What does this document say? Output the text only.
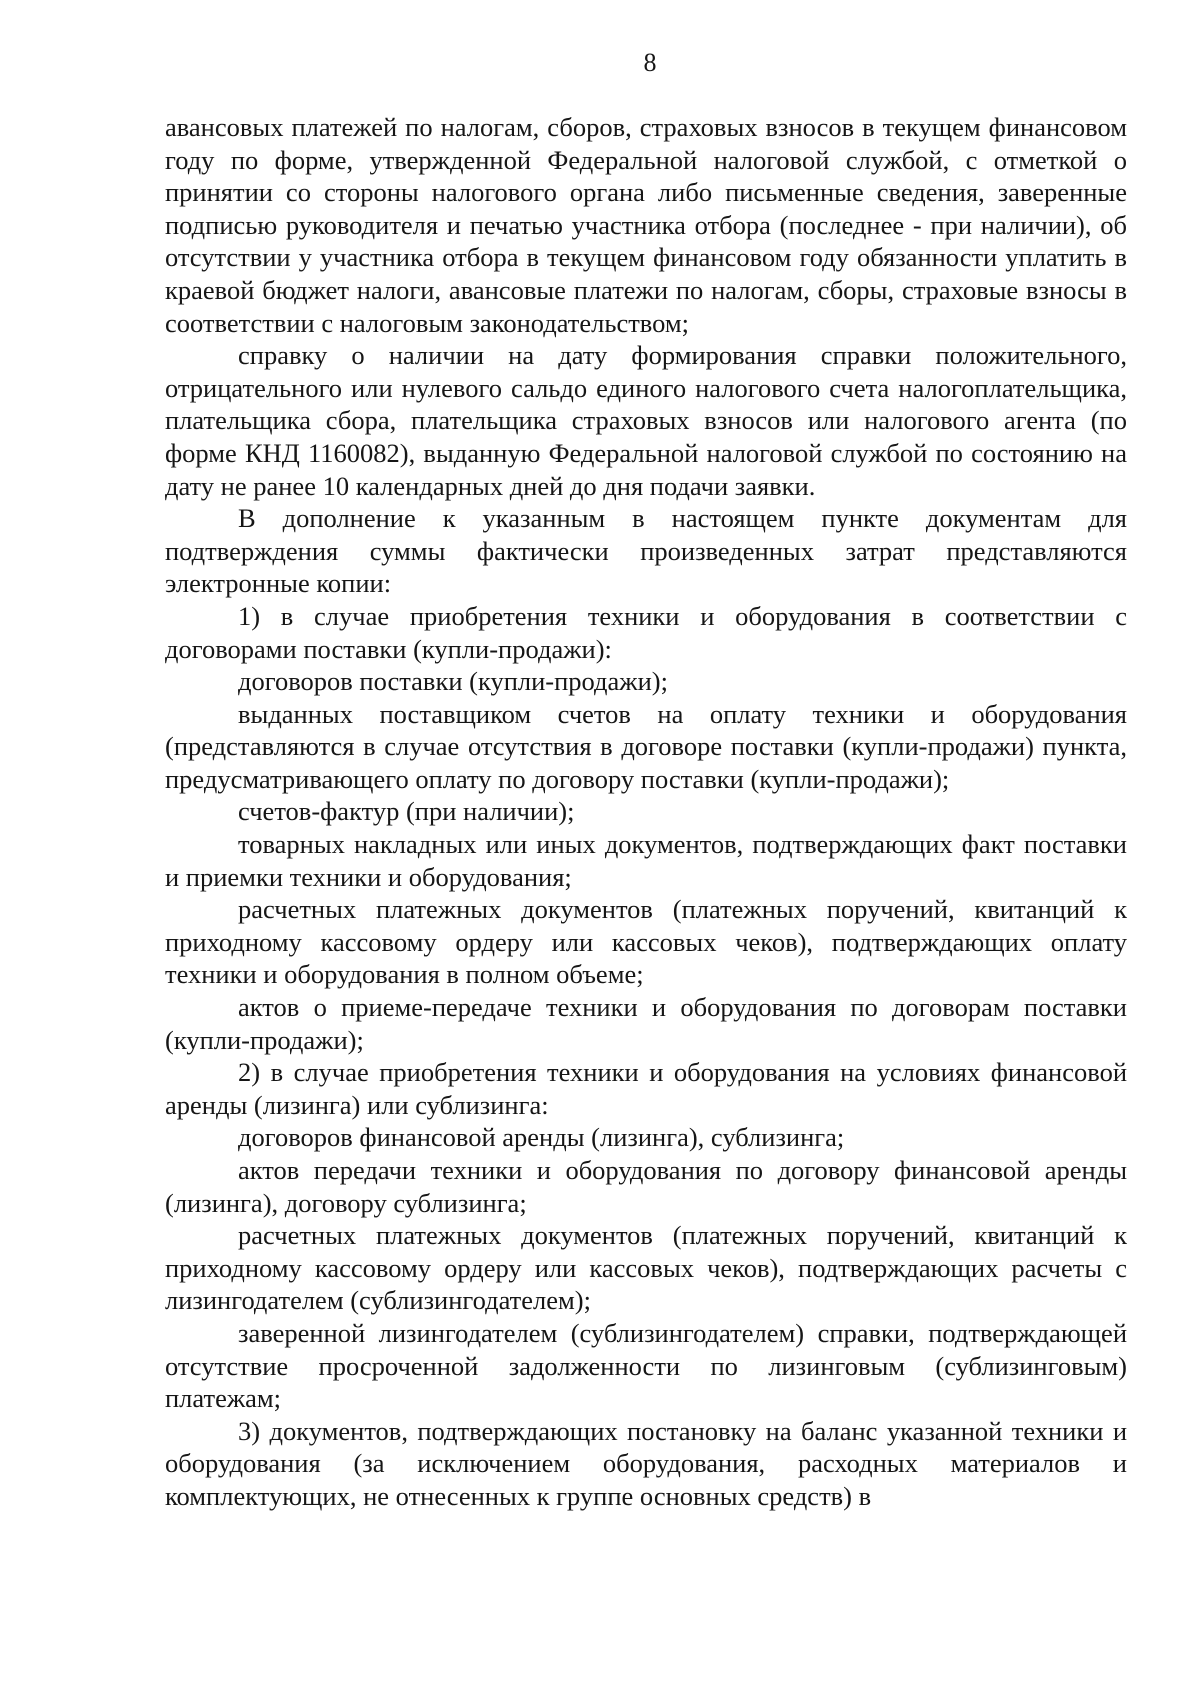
8

авансовых платежей по налогам, сборов, страховых взносов в текущем финансовом году по форме, утвержденной Федеральной налоговой службой, с отметкой о принятии со стороны налогового органа либо письменные сведения, заверенные подписью руководителя и печатью участника отбора (последнее - при наличии), об отсутствии у участника отбора в текущем финансовом году обязанности уплатить в краевой бюджет налоги, авансовые платежи по налогам, сборы, страховые взносы в соответствии с налоговым законодательством;

справку о наличии на дату формирования справки положительного, отрицательного или нулевого сальдо единого налогового счета налогоплательщика, плательщика сбора, плательщика страховых взносов или налогового агента (по форме КНД 1160082), выданную Федеральной налоговой службой по состоянию на дату не ранее 10 календарных дней до дня подачи заявки.

В дополнение к указанным в настоящем пункте документам для подтверждения суммы фактически произведенных затрат представляются электронные копии:

1) в случае приобретения техники и оборудования в соответствии с договорами поставки (купли-продажи):

договоров поставки (купли-продажи);

выданных поставщиком счетов на оплату техники и оборудования (представляются в случае отсутствия в договоре поставки (купли-продажи) пункта, предусматривающего оплату по договору поставки (купли-продажи);

счетов-фактур (при наличии);

товарных накладных или иных документов, подтверждающих факт поставки и приемки техники и оборудования;

расчетных платежных документов (платежных поручений, квитанций к приходному кассовому ордеру или кассовых чеков), подтверждающих оплату техники и оборудования в полном объеме;

актов о приеме-передаче техники и оборудования по договорам поставки (купли-продажи);

2) в случае приобретения техники и оборудования на условиях финансовой аренды (лизинга) или сублизинга:

договоров финансовой аренды (лизинга), сублизинга;

актов передачи техники и оборудования по договору финансовой аренды (лизинга), договору сублизинга;

расчетных платежных документов (платежных поручений, квитанций к приходному кассовому ордеру или кассовых чеков), подтверждающих расчеты с лизингодателем (сублизингодателем);

заверенной лизингодателем (сублизингодателем) справки, подтверждающей отсутствие просроченной задолженности по лизинговым (сублизинговым) платежам;

3) документов, подтверждающих постановку на баланс указанной техники и оборудования (за исключением оборудования, расходных материалов и комплектующих, не отнесенных к группе основных средств) в
